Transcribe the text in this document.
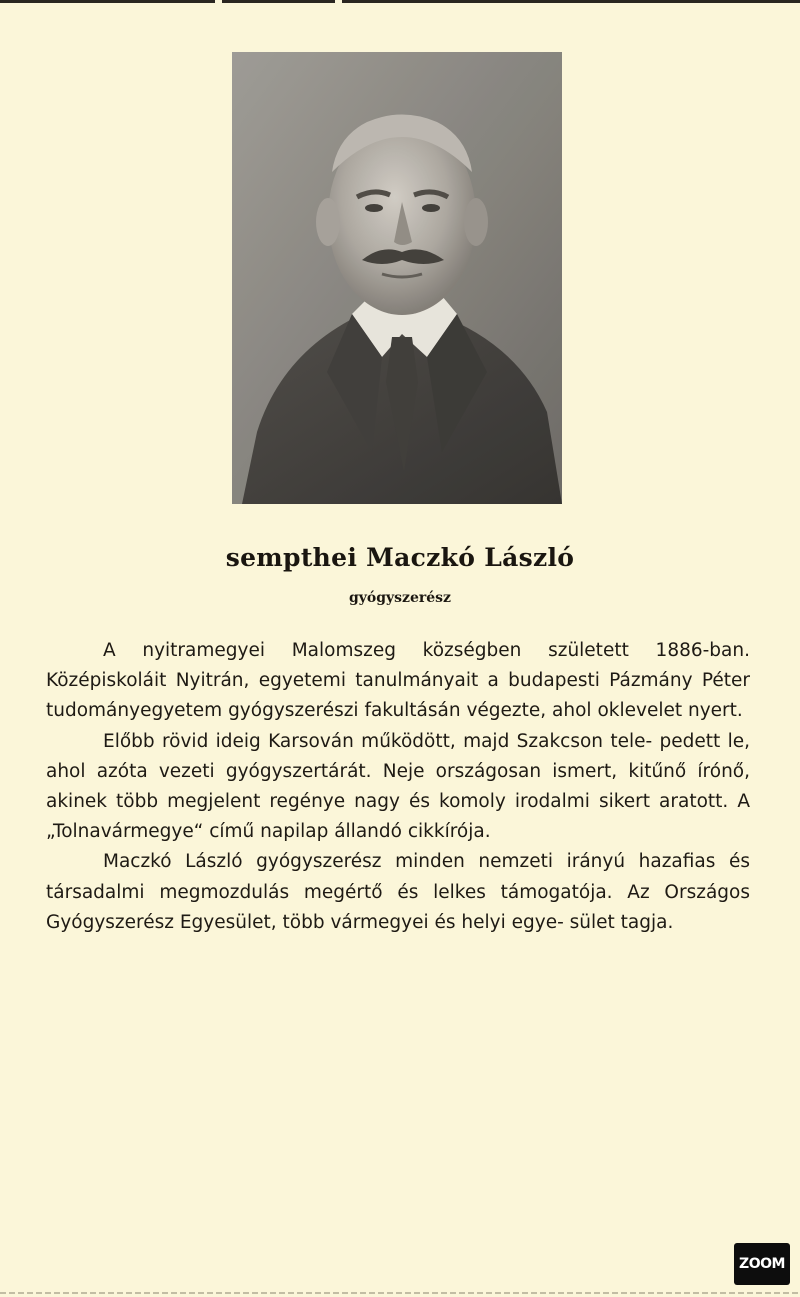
sempthei Maczkó László
gyógyszerész

A nyitramegyei Malomszeg községben született 1886-ban. Középiskoláit Nyitrán, egyetemi tanulmányait a budapesti Pázmány Péter tudományegyetem gyógyszerészi fakultásán végezte, ahol oklevelet nyert.

Előbb rövid ideig Karsován működött, majd Szakcson tele- pedett le, ahol azóta vezeti gyógyszertárát. Neje országosan ismert, kitűnő írónő, akinek több megjelent regénye nagy és komoly irodalmi sikert aratott. A „Tolnavármegye“ című napilap állandó cikkírója.

Maczkó László gyógyszerész minden nemzeti irányú hazafias és társadalmi megmozdulás megértő és lelkes támogatója. Az Országos Gyógyszerész Egyesület, több vármegyei és helyi egye- sület tagja.

ZOOM
